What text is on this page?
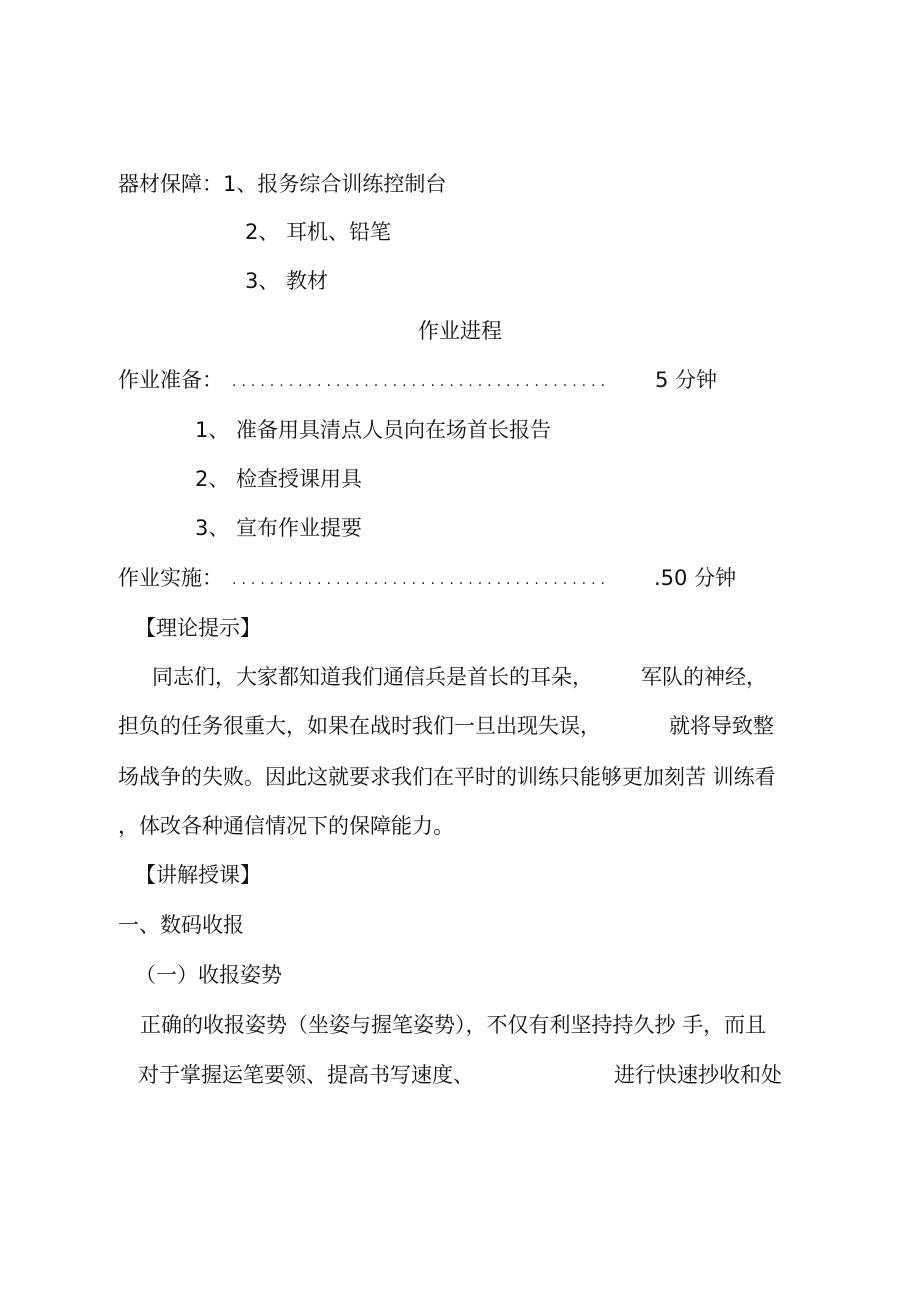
器材保障：1、报务综合训练控制台
2、 耳机、铅笔
3、 教材
作业进程
作业准备： ........................................ 5 分钟
1、 准备用具清点人员向在场首长报告
2、 检查授课用具
3、 宣布作业提要
作业实施： ........................................ .50 分钟
【理论提示】
同志们，大家都知道我们通信兵是首长的耳朵， 军队的神经，
担负的任务很重大，如果在战时我们一旦出现失误，	就将导致整
场战争的失败。因此这就要求我们在平时的训练只能够更加刻苦 训练看
，体改各种通信情况下的保障能力。
【讲解授课】
一、数码收报
（一）收报姿势
正确的收报姿势（坐姿与握笔姿势），不仅有利坚持持久抄 手，而且
对于掌握运笔要领、提高书写速度、	进行快速抄收和处
